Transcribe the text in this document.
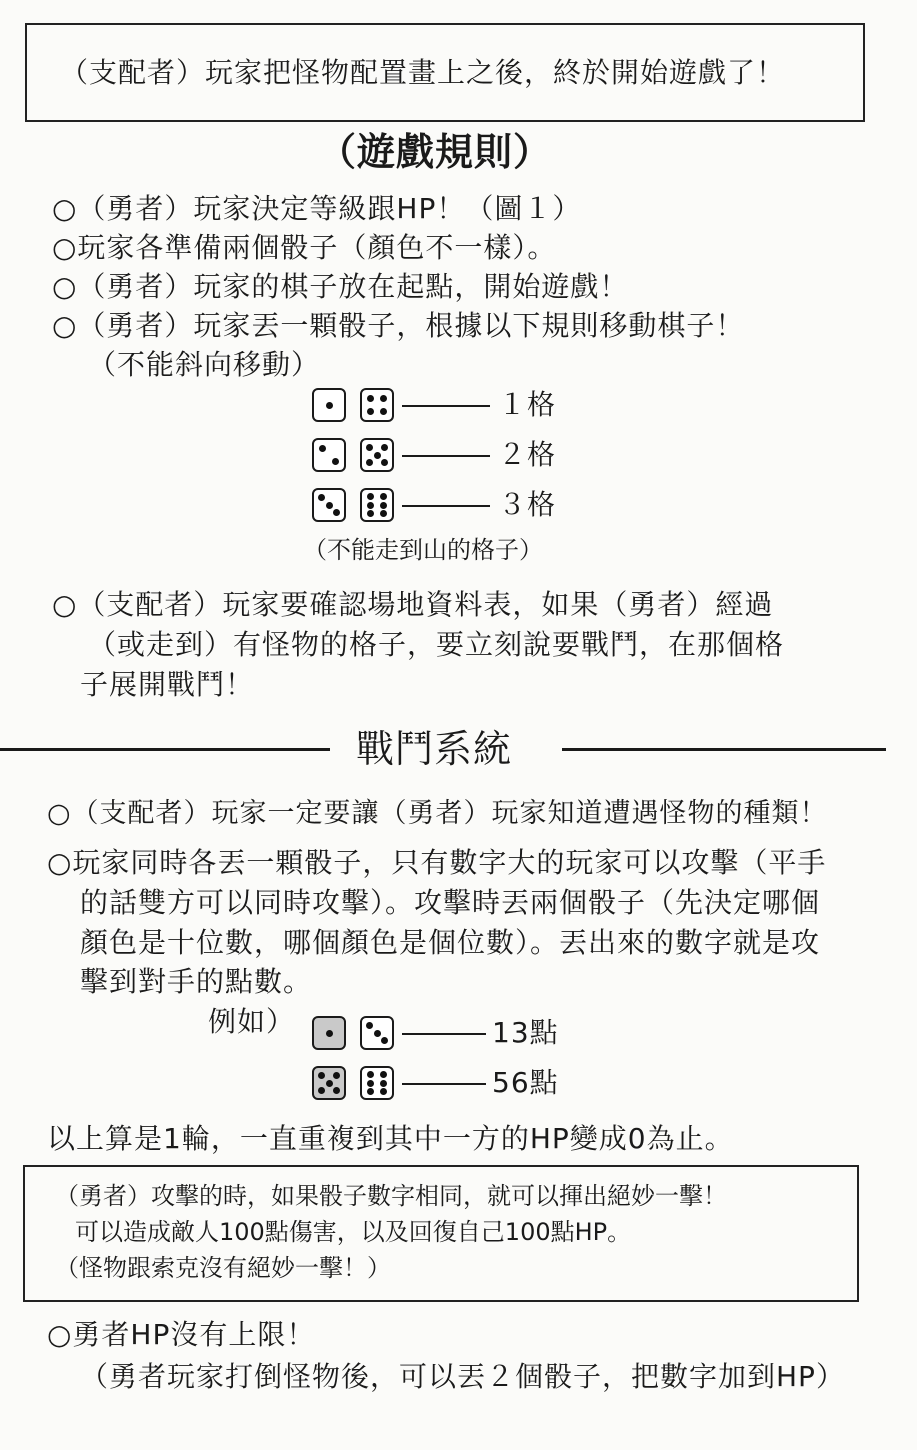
（支配者）玩家把怪物配置畫上之後，終於開始遊戲了！
（遊戲規則）
○（勇者）玩家決定等級跟HP！（圖１）
○玩家各準備兩個骰子（顏色不一樣）。
○（勇者）玩家的棋子放在起點，開始遊戲！
○（勇者）玩家丟一顆骰子，根據以下規則移動棋子！
（不能斜向移動）
１格
２格
３格
（不能走到山的格子）
○（支配者）玩家要確認場地資料表，如果（勇者）經過
（或走到）有怪物的格子，要立刻說要戰鬥，在那個格
子展開戰鬥！
戰鬥系統
○（支配者）玩家一定要讓（勇者）玩家知道遭遇怪物的種類！
○玩家同時各丟一顆骰子，只有數字大的玩家可以攻擊（平手
的話雙方可以同時攻擊）。攻擊時丟兩個骰子（先決定哪個
顏色是十位數，哪個顏色是個位數）。丟出來的數字就是攻
擊到對手的點數。
例如）	13點
56點
以上算是1輪，一直重複到其中一方的HP變成0為止。
（勇者）攻擊的時，如果骰子數字相同，就可以揮出絕妙一擊！
可以造成敵人100點傷害，以及回復自己100點HP。
（怪物跟索克沒有絕妙一擊！）
○勇者HP沒有上限！
（勇者玩家打倒怪物後，可以丟２個骰子，把數字加到HP）
